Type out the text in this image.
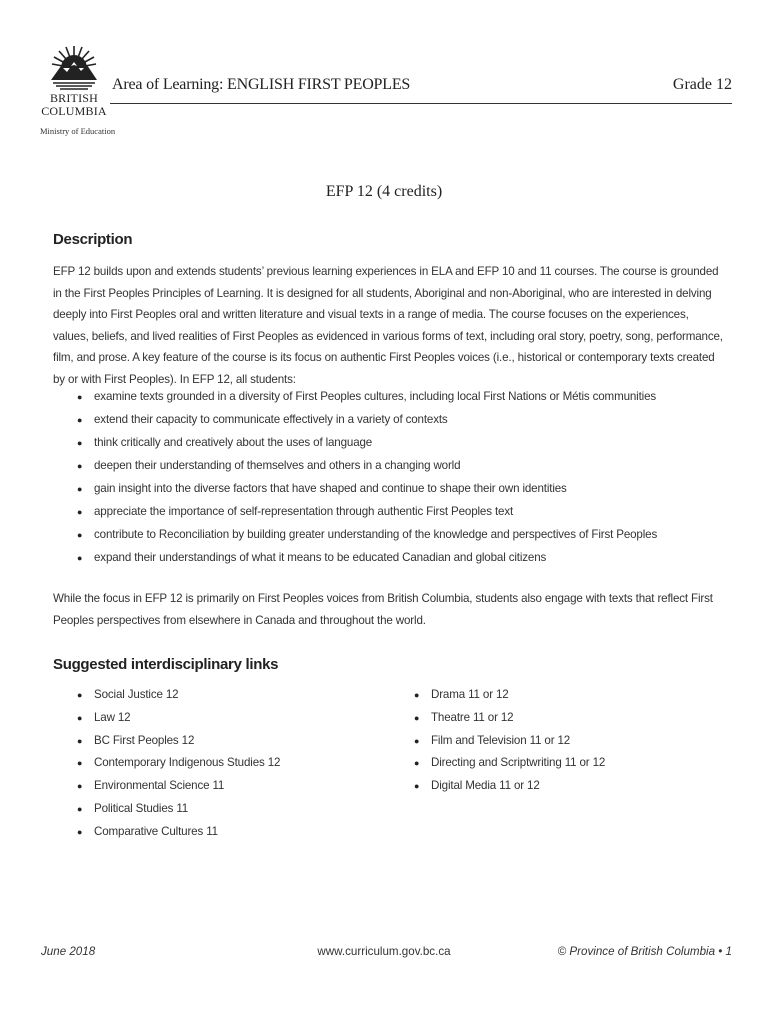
BRITISH
COLUMBIA
Ministry of Education
Area of Learning: ENGLISH FIRST PEOPLES	Grade 12
EFP 12 (4 credits)
Description

EFP 12 builds upon and extends students’ previous learning experiences in ELA and EFP 10 and 11 courses. The course is grounded in the First Peoples Principles of Learning. It is designed for all students, Aboriginal and non-Aboriginal, who are interested in delving deeply into First Peoples oral and written literature and visual texts in a range of media. The course focuses on the experiences, values, beliefs, and lived realities of First Peoples as evidenced in various forms of text, including oral story, poetry, song, performance, film, and prose. A key feature of the course is its focus on authentic First Peoples voices (i.e., historical or contemporary texts created by or with First Peoples). In EFP 12, all students:

● examine texts grounded in a diversity of First Peoples cultures, including local First Nations or Métis communities
● extend their capacity to communicate effectively in a variety of contexts
● think critically and creatively about the uses of language
● deepen their understanding of themselves and others in a changing world
● gain insight into the diverse factors that have shaped and continue to shape their own identities
● appreciate the importance of self-representation through authentic First Peoples text
● contribute to Reconciliation by building greater understanding of the knowledge and perspectives of First Peoples
● expand their understandings of what it means to be educated Canadian and global citizens

While the focus in EFP 12 is primarily on First Peoples voices from British Columbia, students also engage with texts that reflect First Peoples perspectives from elsewhere in Canada and throughout the world.

Suggested interdisciplinary links
● Social Justice 12
● Law 12
● BC First Peoples 12
● Contemporary Indigenous Studies 12
● Environmental Science 11
● Political Studies 11
● Comparative Cultures 11
● Drama 11 or 12
● Theatre 11 or 12
● Film and Television 11 or 12
● Directing and Scriptwriting 11 or 12
● Digital Media 11 or 12
June 2018	www.curriculum.gov.bc.ca	© Province of British Columbia • 1
